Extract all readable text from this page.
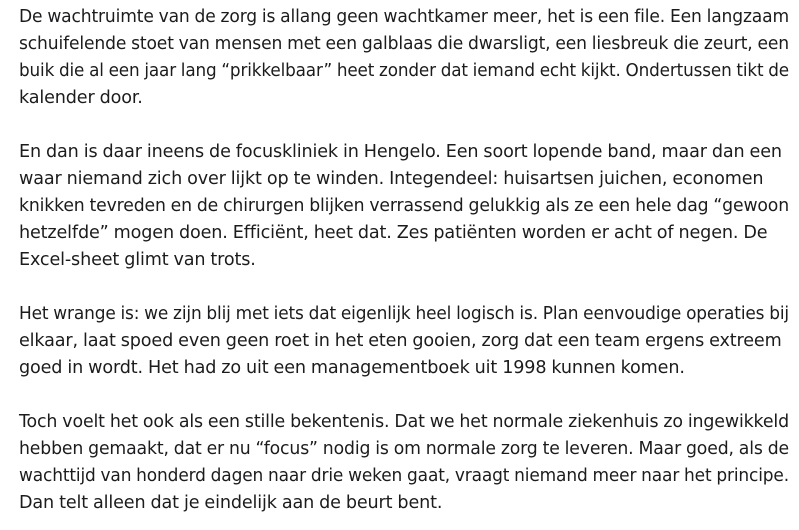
De wachtruimte van de zorg is allang geen wachtkamer meer, het is een file. Een langzaam
schuifelende stoet van mensen met een galblaas die dwarsligt, een liesbreuk die zeurt, een
buik die al een jaar lang “prikkelbaar” heet zonder dat iemand echt kijkt. Ondertussen tikt de
kalender door.

En dan is daar ineens de focuskliniek in Hengelo. Een soort lopende band, maar dan een
waar niemand zich over lijkt op te winden. Integendeel: huisartsen juichen, economen
knikken tevreden en de chirurgen blijken verrassend gelukkig als ze een hele dag “gewoon
hetzelfde” mogen doen. Efficiënt, heet dat. Zes patiënten worden er acht of negen. De
Excel-sheet glimt van trots.

Het wrange is: we zijn blij met iets dat eigenlijk heel logisch is. Plan eenvoudige operaties bij
elkaar, laat spoed even geen roet in het eten gooien, zorg dat een team ergens extreem
goed in wordt. Het had zo uit een managementboek uit 1998 kunnen komen.

Toch voelt het ook als een stille bekentenis. Dat we het normale ziekenhuis zo ingewikkeld
hebben gemaakt, dat er nu “focus” nodig is om normale zorg te leveren. Maar goed, als de
wachttijd van honderd dagen naar drie weken gaat, vraagt niemand meer naar het principe.
Dan telt alleen dat je eindelijk aan de beurt bent.
